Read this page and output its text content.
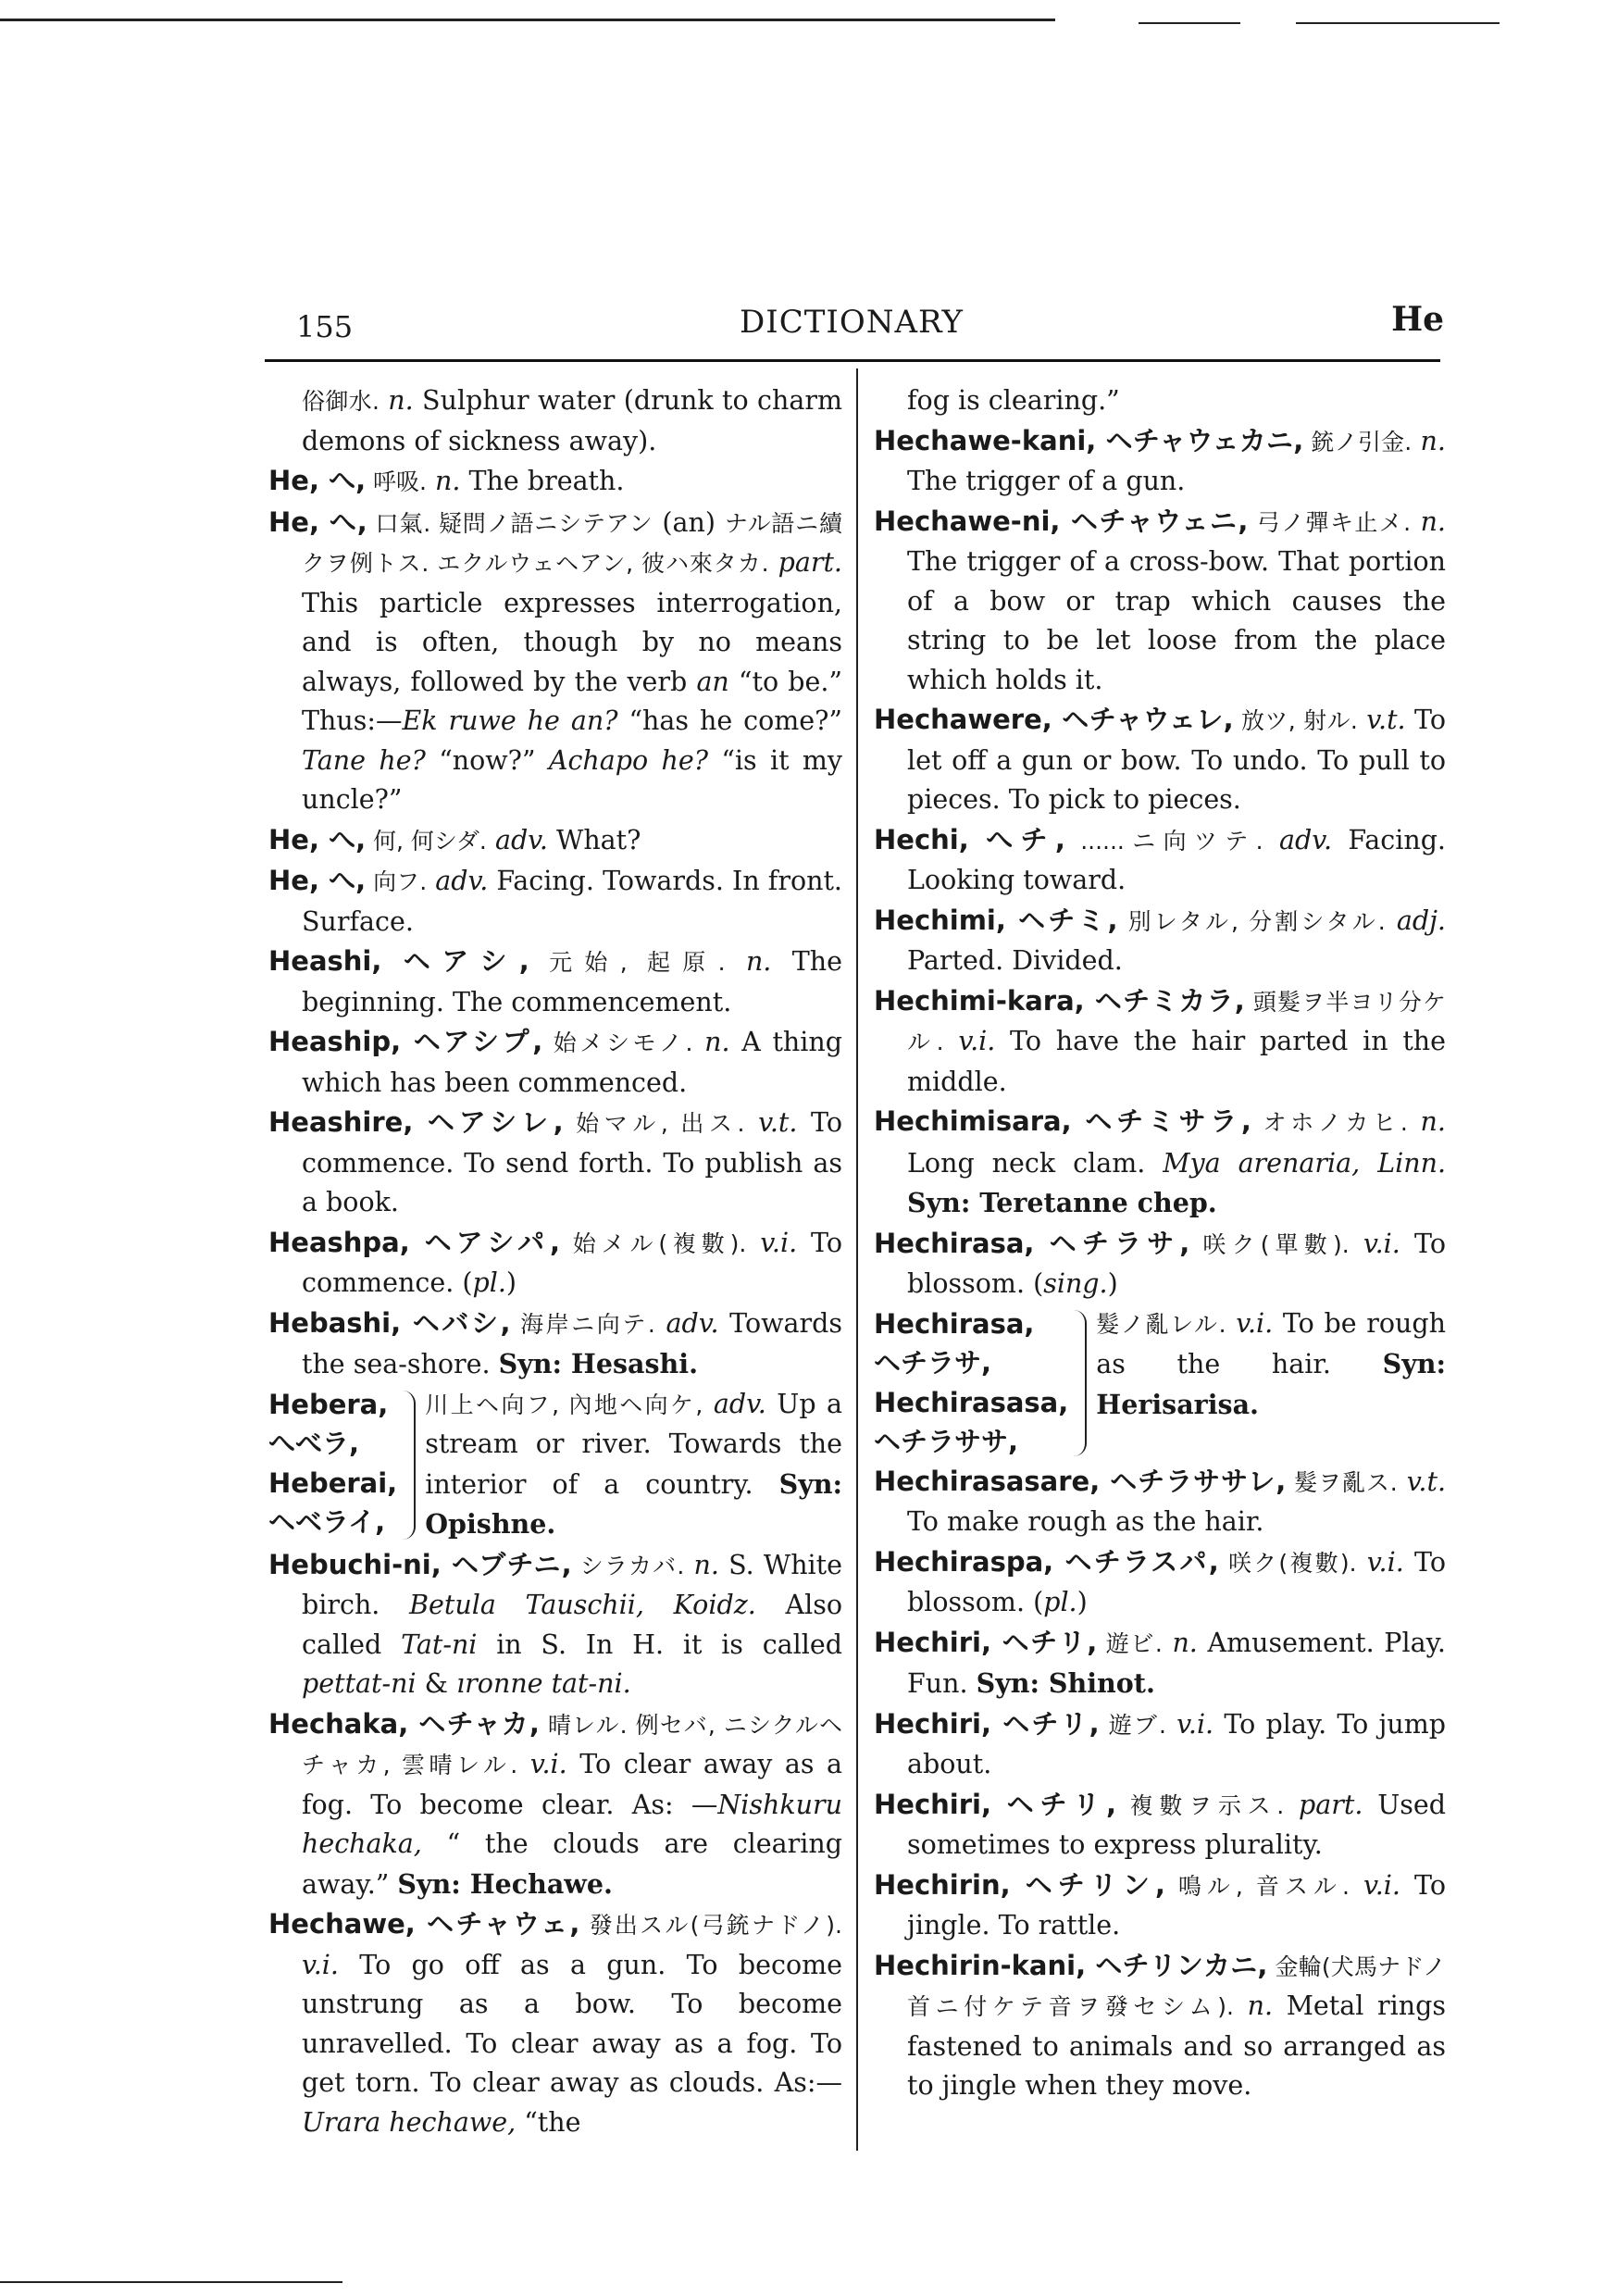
155	DICTIONARY	He
俗御水. n. Sulphur water (drunk to charm demons of sickness away).
He, へ, 呼吸. n. The breath.
He, へ, 口氣. 疑問ノ語ニシテアン (an) ナル語ニ續クヲ例トス. エクルウェヘアン, 彼ハ來タカ. part. This particle expresses interrogation, and is often, though by no means always, followed by the verb an “to be.” Thus:—Ek ruwe he an? “has he come?” Tane he? “now?” Achapo he? “is it my uncle?”
He, へ, 何, 何シダ. adv. What?
He, へ, 向フ. adv. Facing. Towards. In front. Surface.
Heashi, ヘアシ, 元始, 起原. n. The beginning. The commencement.
Heaship, ヘアシプ, 始メシモノ. n. A thing which has been commenced.
Heashire, ヘアシレ, 始マル, 出ス. v.t. To commence. To send forth. To publish as a book.
Heashpa, ヘアシパ, 始メル(複數). v.i. To commence. (pl.)
Hebashi, ヘバシ, 海岸ニ向テ. adv. Towards the sea-shore. Syn: Hesashi.
Hebera,
へべラ,
Heberai,
ヘベライ,
川上ヘ向フ, 內地ヘ向ケ, adv. Up a stream or river. Towards the interior of a country. Syn: Opishne.
Hebuchi-ni, ヘブチニ, シラカバ. n. S. White birch. Betula Tauschii, Koidz. Also called Tat-ni in S. In H. it is called pettat-ni & ıronne tat-ni.
Hechaka, ヘチャカ, 晴レル. 例セバ, ニシクルヘチャカ, 雲晴レル. v.i. To clear away as a fog. To become clear. As: —Nishkuru hechaka, “ the clouds are clearing away.” Syn: Hechawe.
Hechawe, ヘチャウェ, 發出スル(弓銃ナドノ). v.i. To go off as a gun. To become unstrung as a bow. To become unravelled. To clear away as a fog. To get torn. To clear away as clouds. As:—Urara hechawe, “the
fog is clearing.”
Hechawe-kani, ヘチャウェカニ, 銃ノ引金. n. The trigger of a gun.
Hechawe-ni, ヘチャウェニ, 弓ノ彈キ止メ. n. The trigger of a cross-bow. That portion of a bow or trap which causes the string to be let loose from the place which holds it.
Hechawere, ヘチャウェレ, 放ツ, 射ル. v.t. To let off a gun or bow. To undo. To pull to pieces. To pick to pieces.
Hechi, へチ, ......ニ向ツテ. adv. Facing. Looking toward.
Hechimi, ヘチミ, 別レタル, 分割シタル. adj. Parted. Divided.
Hechimi-kara, ヘチミカラ, 頭髮ヲ半ヨリ分ケル. v.i. To have the hair parted in the middle.
Hechimisara, ヘチミサラ, オホノカヒ. n. Long neck clam. Mya arenaria, Linn. Syn: Teretanne chep.
Hechirasa, ヘチラサ, 咲ク(單數). v.i. To blossom. (sing.)
Hechirasa,
ヘチラサ,
Hechirasasa,
ヘチラササ,
髮ノ亂レル. v.i. To be rough as the hair. Syn: Herisarisa.
Hechirasasare, ヘチラササレ, 髮ヲ亂ス. v.t. To make rough as the hair.
Hechiraspa, ヘチラスパ, 咲ク(複數). v.i. To blossom. (pl.)
Hechiri, ヘチリ, 遊ビ. n. Amusement. Play. Fun. Syn: Shinot.
Hechiri, ヘチリ, 遊ブ. v.i. To play. To jump about.
Hechiri, ヘチリ, 複數ヲ示ス. part. Used sometimes to express plurality.
Hechirin, ヘチリン, 鳴ル, 音スル. v.i. To jingle. To rattle.
Hechirin-kani, ヘチリンカニ, 金輪(犬馬ナドノ首ニ付ケテ音ヲ發セシム). n. Metal rings fastened to animals and so arranged as to jingle when they move.
